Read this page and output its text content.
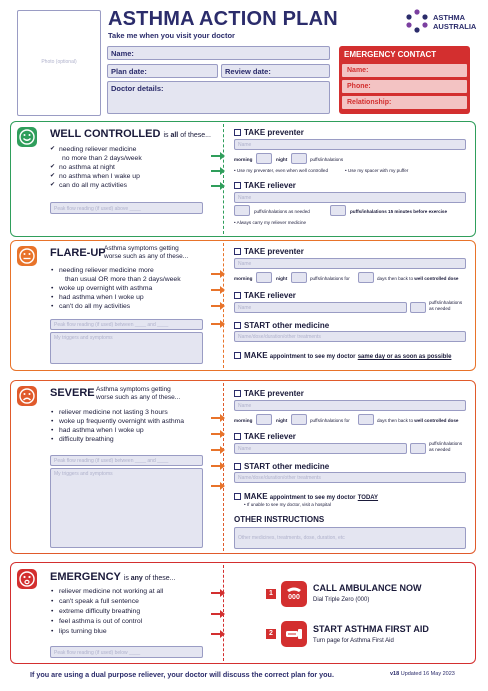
ASTHMA ACTION PLAN
Take me when you visit your doctor
ASTHMA
AUSTRALIA
Photo (optional)
Name:
Plan date:	Review date:
Doctor details:
EMERGENCY CONTACT
Name:
Phone:
Relationship:
WELL CONTROLLED is all of these...
✔ needing reliever medicine
no more than 2 days/week
✔ no asthma at night
✔ no asthma when I wake up
✔ can do all my activities
Peak flow reading (if used) above ____
TAKE preventer
Name
morning	night	puffs/inhalations
• Use my preventer, even when well controlled	• Use my spacer with my puffer
TAKE reliever
Name
puffs/inhalations as needed	puffs/inhalations 15 minutes before exercise
• Always carry my reliever medicine
FLARE-UP
Asthma symptoms getting
worse such as any of these...
• needing reliever medicine more
than usual OR more than 2 days/week
• woke up overnight with asthma
• had asthma when I woke up
• can't do all my activities
Peak flow reading (if used) between ____ and ____
My triggers and symptoms
TAKE preventer
Name
morning	night	puffs/inhalations for	days then back to well controlled dose
TAKE reliever
Name
puffs/inhalations
as needed
START other medicine
Name/dose/duration/other treatments
MAKE appointment to see my doctor same day or as soon as possible
SEVERE Asthma symptoms getting
worse such as any of these...
• reliever medicine not lasting 3 hours
• woke up frequently overnight with asthma
• had asthma when I woke up
• difficulty breathing
Peak flow reading (if used) between ____ and ____
My triggers and symptoms
TAKE preventer
Name
morning	night	puffs/inhalations for	days then back to well controlled dose
TAKE reliever
Name
puffs/inhalations
as needed
START other medicine
Name/dose/duration/other treatments
MAKE appointment to see my doctor TODAY
• If unable to see my doctor, visit a hospital
OTHER INSTRUCTIONS
Other medicines, treatments, dose, duration, etc
EMERGENCY is any of these...
• reliever medicine not working at all
• can't speak a full sentence
• extreme difficulty breathing
• feel asthma is out of control
• lips turning blue
Peak flow reading (if used) below ____
1
000
CALL AMBULANCE NOW
Dial Triple Zero (000)
2	START ASTHMA FIRST AID
Turn page for Asthma First Aid
If you are using a dual purpose reliever, your doctor will discuss the correct plan for you.	v18 Updated 16 May 2023
